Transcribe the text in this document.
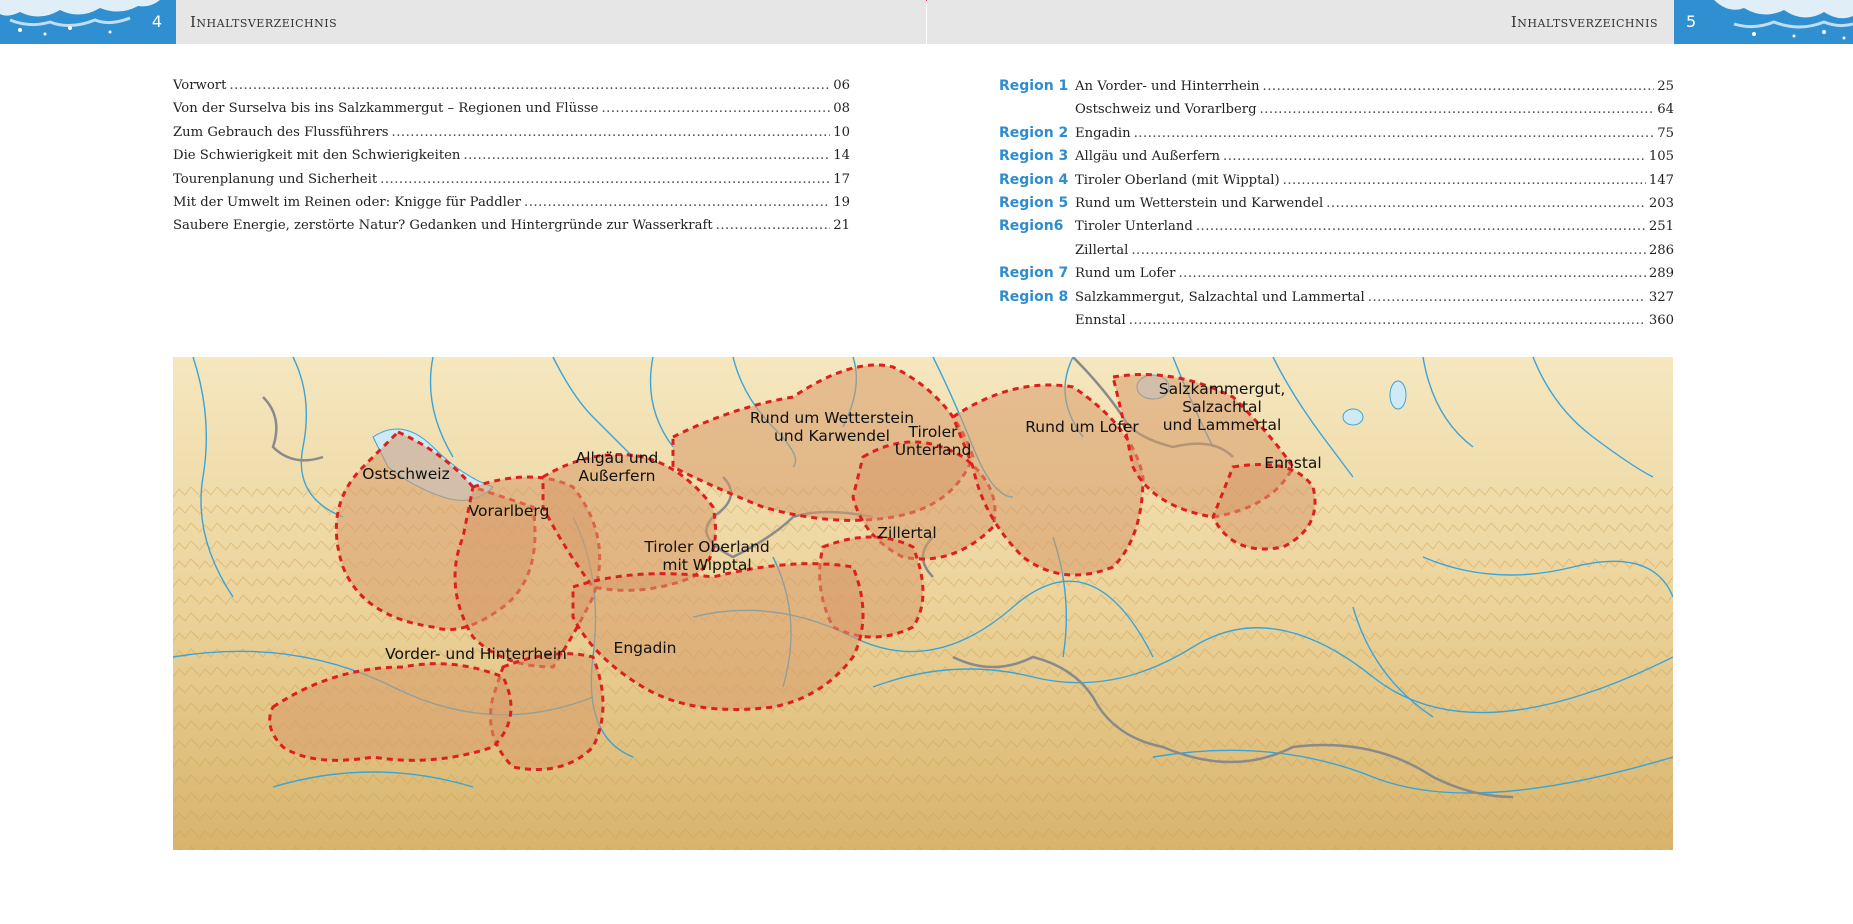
4 Inhaltsverzeichnis	Inhaltsverzeichnis 5
Vorwort .....	06
Von der Surselva bis ins Salzkammergut – Regionen und Flüsse .....	08
Zum Gebrauch des Flussführers .....	10
Die Schwierigkeit mit den Schwierigkeiten .....	14
Tourenplanung und Sicherheit .....	17
Mit der Umwelt im Reinen oder: Knigge für Paddler .....	19
Saubere Energie, zerstörte Natur? Gedanken und Hintergründe zur Wasserkraft .....	21
Region 1 An Vorder- und Hinterrhein .....	25
Ostschweiz und Vorarlberg .....	64
Region 2 Engadin .....	75
Region 3 Allgäu und Außerfern .....	105
Region 4 Tiroler Oberland (mit Wipptal) .....	147
Region 5 Rund um Wetterstein und Karwendel .....	203
Region6 Tiroler Unterland .....	251
Zillertal .....	286
Region 7 Rund um Lofer .....	289
Region 8 Salzkammergut, Salzachtal und Lammertal .....	327
Ennstal .....	360
Ostschweiz
Vorarlberg
Allgäu und
Außerfern
Rund um Wetterstein
und Karwendel	Tiroler
Unterland
Rund um Lofer
Salzkammergut,
Salzachtal
und Lammertal
Ennstal
Zillertal
Tiroler Oberland
mit Wipptal
Engadin
Vorder- und Hinterrhein
